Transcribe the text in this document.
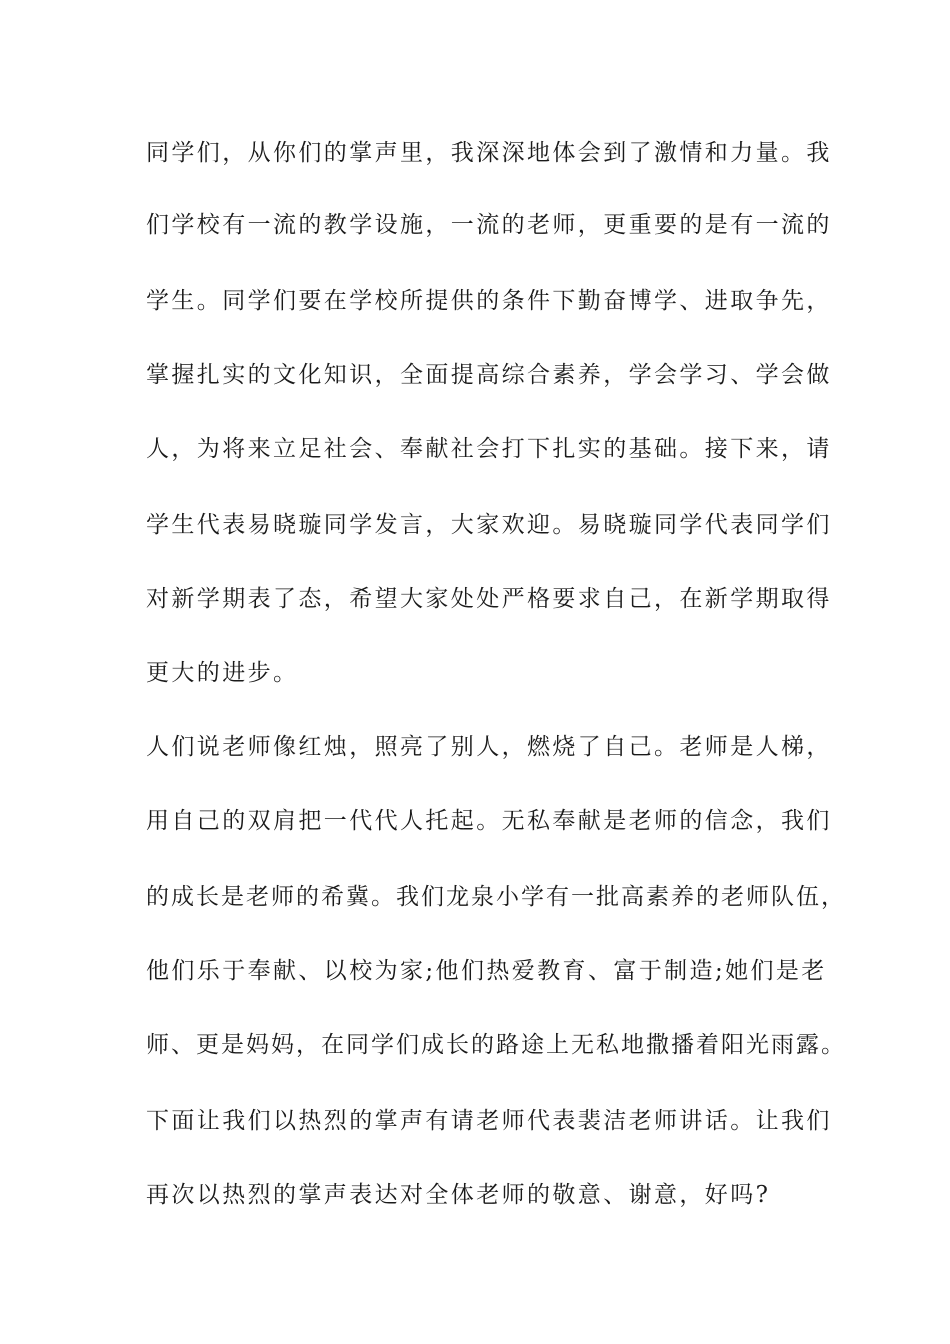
同学们，从你们的掌声里，我深深地体会到了激情和力量。我
们学校有一流的教学设施，一流的老师，更重要的是有一流的
学生。同学们要在学校所提供的条件下勤奋博学、进取争先，
掌握扎实的文化知识，全面提高综合素养，学会学习、学会做
人，为将来立足社会、奉献社会打下扎实的基础。接下来，请
学生代表易晓璇同学发言，大家欢迎。易晓璇同学代表同学们
对新学期表了态，希望大家处处严格要求自己，在新学期取得
更大的进步。
人们说老师像红烛，照亮了别人，燃烧了自己。老师是人梯，
用自己的双肩把一代代人托起。无私奉献是老师的信念，我们
的成长是老师的希冀。我们龙泉小学有一批高素养的老师队伍，
他们乐于奉献、以校为家;他们热爱教育、富于制造;她们是老
师、更是妈妈，在同学们成长的路途上无私地撒播着阳光雨露。
下面让我们以热烈的掌声有请老师代表裴洁老师讲话。让我们
再次以热烈的掌声表达对全体老师的敬意、谢意，好吗?
